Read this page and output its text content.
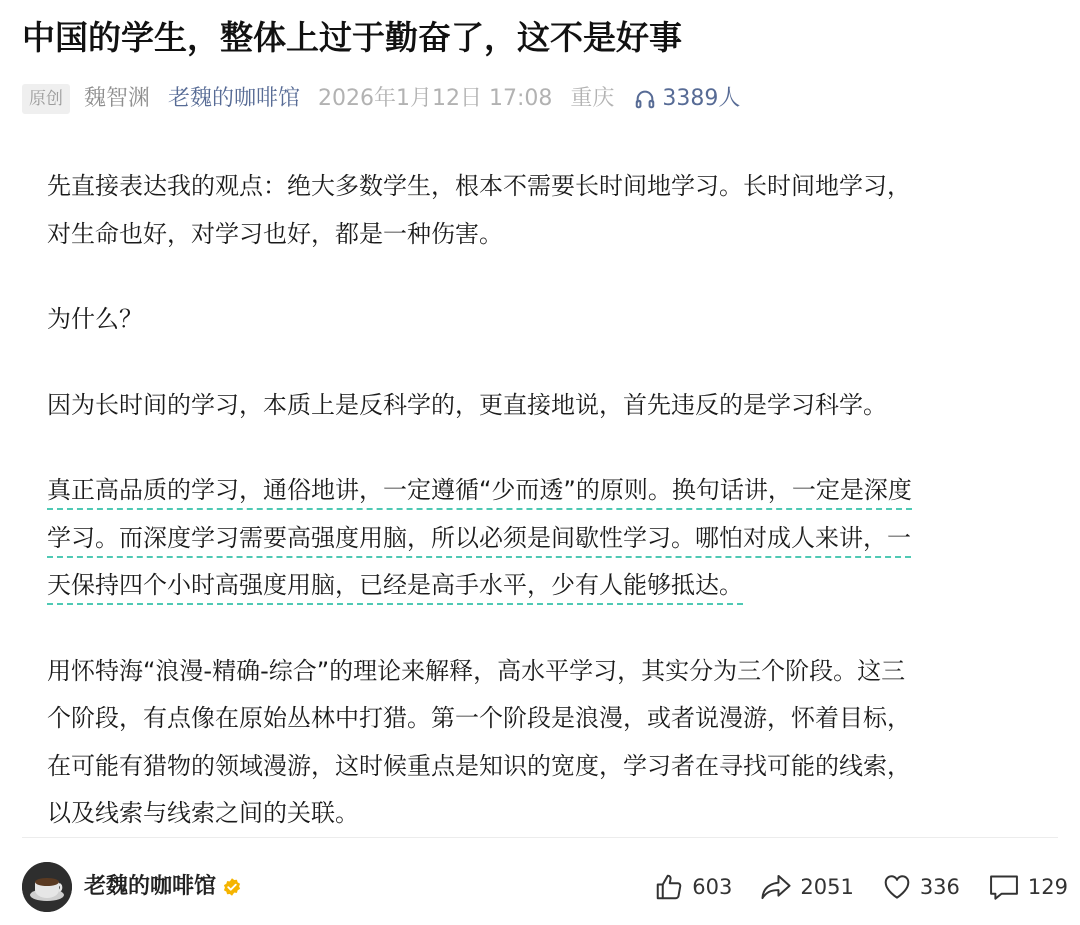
中国的学生，整体上过于勤奋了，这不是好事
原创 魏智渊 老魏的咖啡馆 2026年1月12日 17:08 重庆 3389人

先直接表达我的观点：绝大多数学生，根本不需要长时间地学习。长时间地学习，
对生命也好，对学习也好，都是一种伤害。

为什么？

因为长时间的学习，本质上是反科学的，更直接地说，首先违反的是学习科学。

真正高品质的学习，通俗地讲，一定遵循“少而透”的原则。换句话讲，一定是深度
学习。而深度学习需要高强度用脑，所以必须是间歇性学习。哪怕对成人来讲，一
天保持四个小时高强度用脑，已经是高手水平，少有人能够抵达。

用怀特海“浪漫-精确-综合”的理论来解释，高水平学习，其实分为三个阶段。这三
个阶段，有点像在原始丛林中打猎。第一个阶段是浪漫，或者说漫游，怀着目标，
在可能有猎物的领域漫游，这时候重点是知识的宽度，学习者在寻找可能的线索，
以及线索与线索之间的关联。

老魏的咖啡馆	603	2051	336	129
